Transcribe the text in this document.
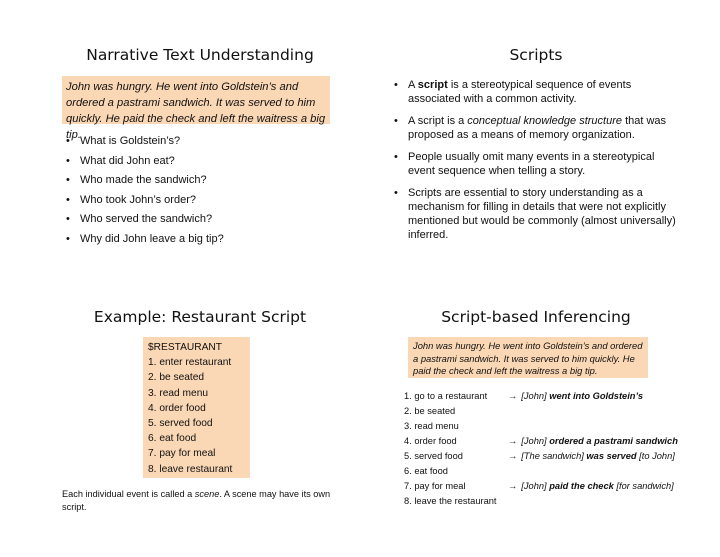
Narrative Text Understanding
John was hungry. He went into Goldstein’s and ordered a pastrami sandwich. It was served to him quickly. He paid the check and left the waitress a big tip.
• What is Goldstein’s?
• What did John eat?
• Who made the sandwich?
• Who took John’s order?
• Who served the sandwich?
• Why did John leave a big tip?
Scripts
• A script is a stereotypical sequence of events associated with a common activity.
• A script is a conceptual knowledge structure that was proposed as a means of memory organization.
• People usually omit many events in a stereotypical event sequence when telling a story.
• Scripts are essential to story understanding as a mechanism for filling in details that were not explicitly mentioned but would be commonly (almost universally) inferred.
Example: Restaurant Script
$RESTAURANT
1. enter restaurant
2. be seated
3. read menu
4. order food
5. served food
6. eat food
7. pay for meal
8. leave restaurant
Each individual event is called a scene. A scene may have its own script.
Script-based Inferencing
John was hungry. He went into Goldstein’s and ordered a pastrami sandwich. It was served to him quickly. He paid the check and left the waitress a big tip.
1. go to a restaurant → [John] went into Goldstein’s
2. be seated
3. read menu
4. order food	→ [John] ordered a pastrami sandwich
5. served food	→ [The sandwich] was served [to John]
6. eat food
7. pay for meal	→ [John] paid the check [for sandwich]
8. leave the restaurant
